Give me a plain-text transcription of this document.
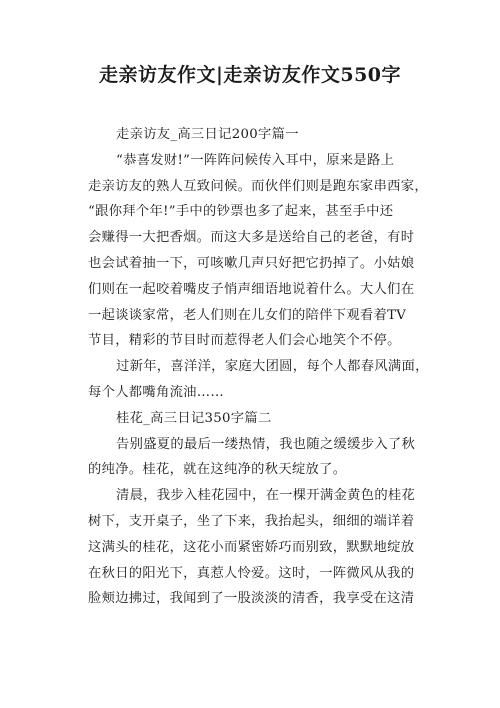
走亲访友作文|走亲访友作文550字
走亲访友_高三日记200字篇一
“恭喜发财!”一阵阵问候传入耳中，原来是路上
走亲访友的熟人互致问候。而伙伴们则是跑东家串西家，
“跟你拜个年!”手中的钞票也多了起来，甚至手中还
会赚得一大把香烟。而这大多是送给自己的老爸，有时
也会试着抽一下，可咳嗽几声只好把它扔掉了。小姑娘
们则在一起咬着嘴皮子悄声细语地说着什么。大人们在
一起谈谈家常，老人们则在儿女们的陪伴下观看着TV
节目，精彩的节目时而惹得老人们会心地笑个不停。
过新年，喜洋洋，家庭大团圆，每个人都春风满面，
每个人都嘴角流油……
桂花_高三日记350字篇二
告别盛夏的最后一缕热情，我也随之缓缓步入了秋
的纯净。桂花，就在这纯净的秋天绽放了。
清晨，我步入桂花园中，在一棵开满金黄色的桂花
树下，支开桌子，坐了下来，我抬起头，细细的端详着
这满头的桂花，这花小而紧密娇巧而别致，默默地绽放
在秋日的阳光下，真惹人怜爱。这时，一阵微风从我的
脸颊边拂过，我闻到了一股淡淡的清香，我享受在这清
